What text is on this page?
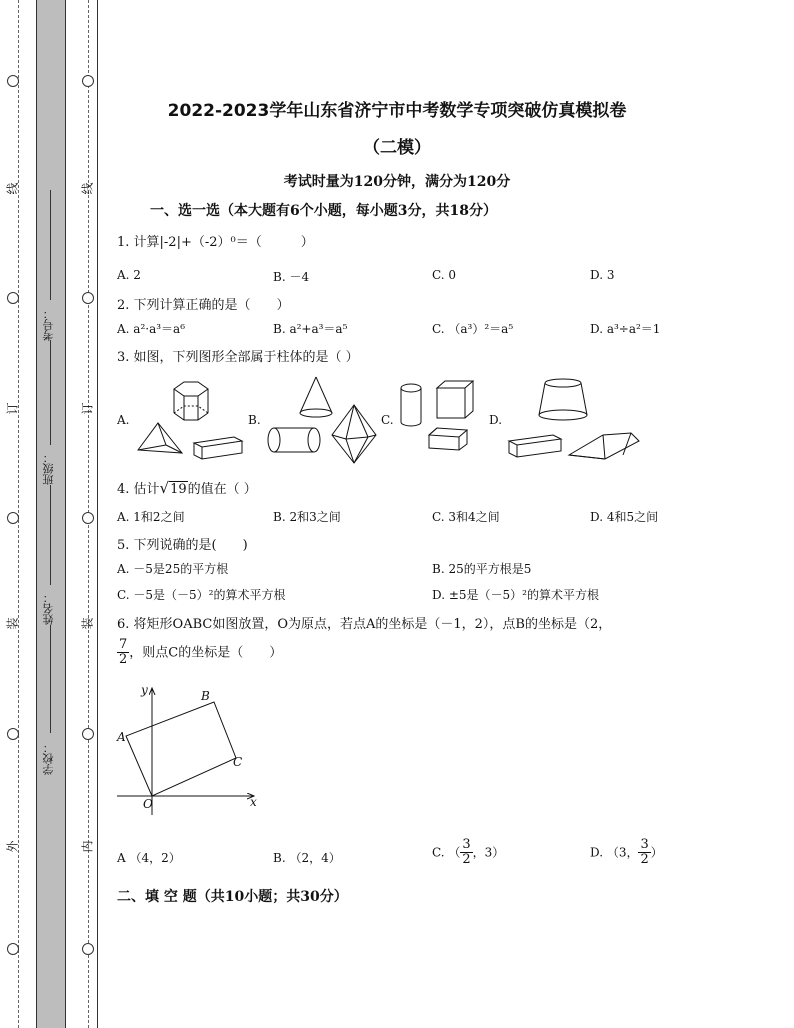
线
订
装
外
线
订
装
内
考号：
班级：
姓名：
学校：
2022-2023学年山东省济宁市中考数学专项突破仿真模拟卷
（二模）
考试时量为120分钟，满分为120分
一、选一选（本大题有6个小题，每小题3分，共18分）
1. 计算|-2|+（-2）⁰＝（　　　）
A. 2	B. －4	C. 0	D. 3
2. 下列计算正确的是（　　）
A. a²·a³＝a⁶	B. a²+a³＝a⁵	C. （a³）²＝a⁵	D. a³÷a²＝1
3. 如图，下列图形全部属于柱体的是（ ）
A.	B.	C.	D.
4. 估计√19的值在（ ）
A. 1和2之间	B. 2和3之间	C. 3和4之间	D. 4和5之间
5. 下列说确的是(　　)
A. －5是25的平方根	B. 25的平方根是5
C. －5是（－5）²的算术平方根	D. ±5是（－5）²的算术平方根
6. 将矩形OABC如图放置，O为原点，若点A的坐标是（－1，2），点B的坐标是（2，
$\frac{7}{2}$ ，则点C的坐标是（　　）
y
x
O
A
B
C
A （4，2）	B. （2，4）	C. （ $\frac{3}{2}$ ，3）	D. （3， $\frac{3}{2}$ ）
二、填 空 题（共10小题；共30分）
